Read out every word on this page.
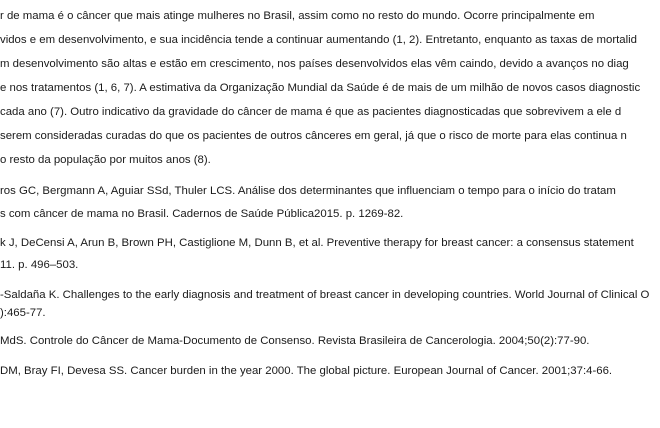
r de mama é o câncer que mais atinge mulheres no Brasil, assim como no resto do mundo. Ocorre principalmente em
vidos e em desenvolvimento, e sua incidência tende a continuar aumentando (1, 2). Entretanto, enquanto as taxas de mortalid
m desenvolvimento são altas e estão em crescimento, nos países desenvolvidos elas vêm caindo, devido a avanços no diag
e nos tratamentos (1, 6, 7). A estimativa da Organização Mundial da Saúde é de mais de um milhão de novos casos diagnostic
cada ano (7). Outro indicativo da gravidade do câncer de mama é que as pacientes diagnosticadas que sobrevivem a ele d
serem consideradas curadas do que os pacientes de outros cânceres em geral, já que o risco de morte para elas continua n
o resto da população por muitos anos (8).
ros GC, Bergmann A, Aguiar SSd, Thuler LCS. Análise dos determinantes que influenciam o tempo para o início do tratam
s com câncer de mama no Brasil. Cadernos de Saúde Pública2015. p. 1269-82.
k J, DeCensi A, Arun B, Brown PH, Castiglione M, Dunn B, et al. Preventive therapy for breast cancer: a consensus statement
11. p. 496–503.
-Saldaña K. Challenges to the early diagnosis and treatment of breast cancer in developing countries. World Journal of Clinical O
):465-77.
MdS. Controle do Câncer de Mama-Documento de Consenso. Revista Brasileira de Cancerologia. 2004;50(2):77-90.
DM, Bray FI, Devesa SS. Cancer burden in the year 2000. The global picture. European Journal of Cancer. 2001;37:4-66.
